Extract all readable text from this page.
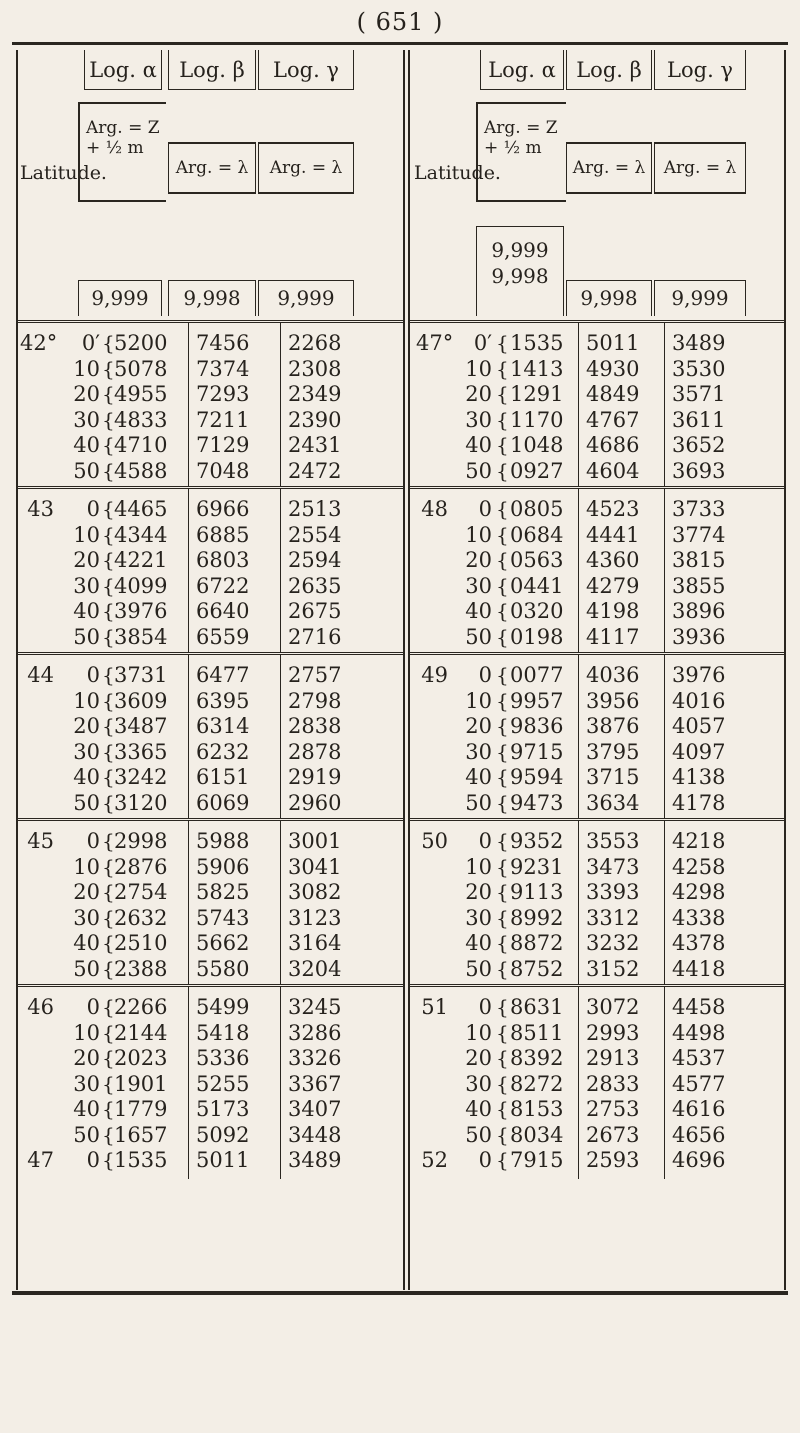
( 651 )
Log. α	Log. β	Log. γ
Latitude.
Arg. = Z + ½ m
Arg. = λ	Arg. = λ
9,999	9,998	9,999
42°	0′ { 5200 7456 2268
10 { 5078 7374 2308
20 { 4955 7293 2349
30 { 4833 7211 2390
40 { 4710 7129 2431
50 { 4588 7048 2472
43	0 { 4465 6966 2513
10 { 4344 6885 2554
20 { 4221 6803 2594
30 { 4099 6722 2635
40 { 3976 6640 2675
50 { 3854 6559 2716
44	0 { 3731 6477 2757
10 { 3609 6395 2798
20 { 3487 6314 2838
30 { 3365 6232 2878
40 { 3242 6151 2919
50 { 3120 6069 2960
45	0 { 2998 5988 3001
10 { 2876 5906 3041
20 { 2754 5825 3082
30 { 2632 5743 3123
40 { 2510 5662 3164
50 { 2388 5580 3204
46	0 { 2266 5499 3245
10 { 2144 5418 3286
20 { 2023 5336 3326
30 { 1901 5255 3367
40 { 1779 5173 3407
50 { 1657 5092 3448
47	0 { 1535 5011 3489
Log. α Log. β	Log. γ
Latitude.
Arg. = Z + ½ m
Arg. = λ	Arg. = λ
9,999 9,998
9,998	9,999
47° 0′ { 1535 5011 3489
10 { 1413 4930 3530
20 { 1291 4849 3571
30 { 1170 4767 3611
40 { 1048 4686 3652
50 { 0927 4604 3693
48	0 { 0805 4523 3733
10 { 0684 4441 3774
20 { 0563 4360 3815
30 { 0441 4279 3855
40 { 0320 4198 3896
50 { 0198 4117 3936
49	0 { 0077 4036 3976
10 { 9957 3956 4016
20 { 9836 3876 4057
30 { 9715 3795 4097
40 { 9594 3715 4138
50 { 9473 3634 4178
50	0 { 9352 3553 4218
10 { 9231 3473 4258
20 { 9113 3393 4298
30 { 8992 3312 4338
40 { 8872 3232 4378
50 { 8752 3152 4418
51	0 { 8631 3072 4458
10 { 8511 2993 4498
20 { 8392 2913 4537
30 { 8272 2833 4577
40 { 8153 2753 4616
50 { 8034 2673 4656
52	0 { 7915 2593 4696
